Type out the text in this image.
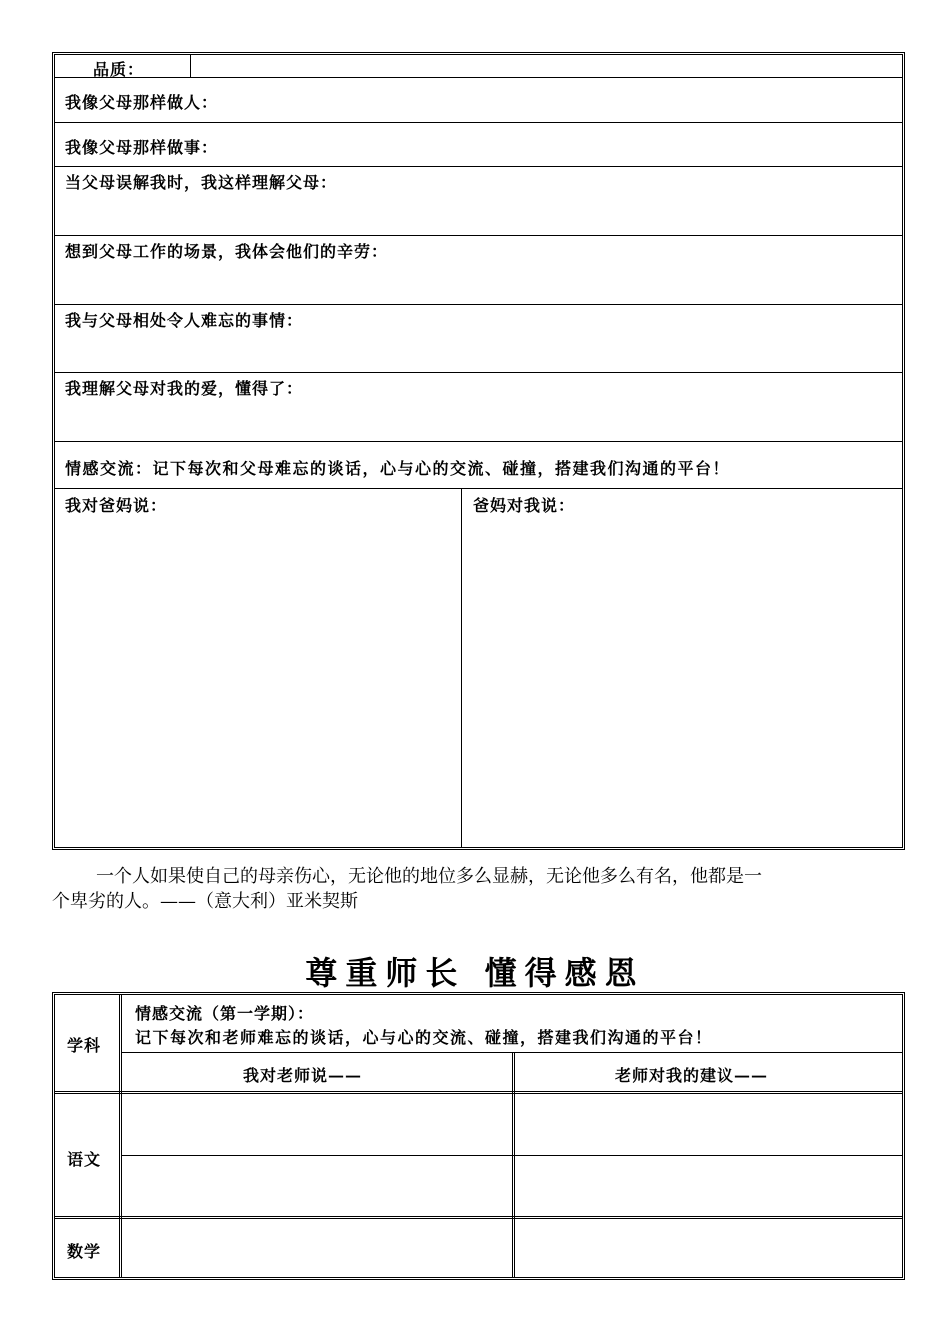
品质：
我像父母那样做人：
我像父母那样做事：
当父母误解我时，我这样理解父母：
想到父母工作的场景，我体会他们的辛劳：
我与父母相处令人难忘的事情：
我理解父母对我的爱，懂得了：
情感交流：记下每次和父母难忘的谈话，心与心的交流、碰撞，搭建我们沟通的平台！
我对爸妈说：	爸妈对我说：
一个人如果使自己的母亲伤心，无论他的地位多么显赫，无论他多么有名，他都是一
个卑劣的人。——（意大利）亚米契斯
尊重师长 懂得感恩
学科
情感交流（第一学期）：
记下每次和老师难忘的谈话，心与心的交流、碰撞，搭建我们沟通的平台！
我对老师说——	老师对我的建议——
语文
数学
